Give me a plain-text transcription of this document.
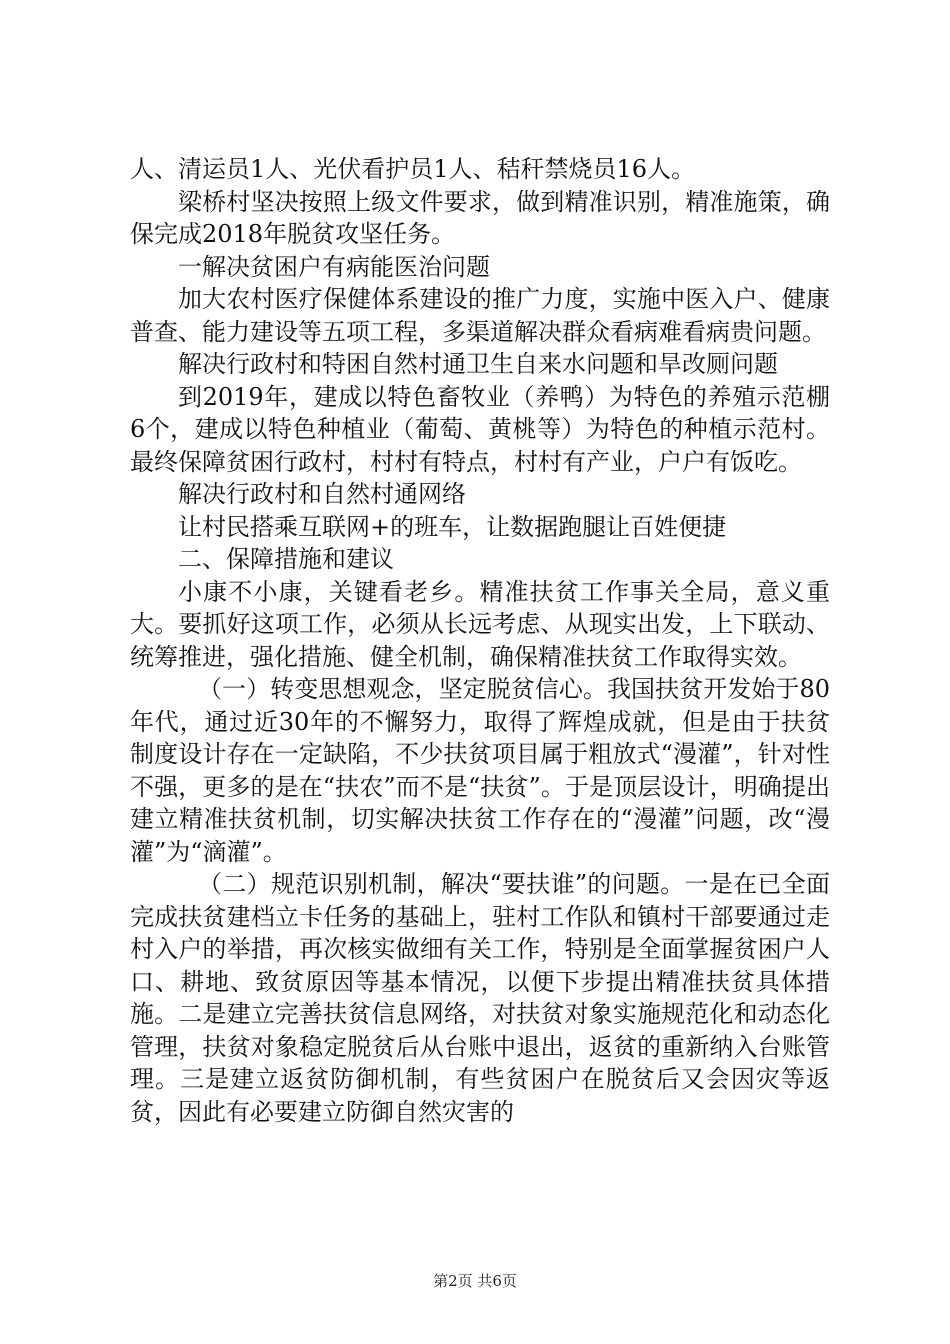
人、清运员1人、光伏看护员1人、秸秆禁烧员16人。

梁桥村坚决按照上级文件要求，做到精准识别，精准施策，确保完成2018年脱贫攻坚任务。

一解决贫困户有病能医治问题

加大农村医疗保健体系建设的推广力度，实施中医入户、健康普查、能力建设等五项工程，多渠道解决群众看病难看病贵问题。

解决行政村和特困自然村通卫生自来水问题和旱改厕问题

到2019年，建成以特色畜牧业（养鸭）为特色的养殖示范棚6个，建成以特色种植业（葡萄、黄桃等）为特色的种植示范村。最终保障贫困行政村，村村有特点，村村有产业，户户有饭吃。

解决行政村和自然村通网络

让村民搭乘互联网+的班车，让数据跑腿让百姓便捷

二、保障措施和建议

小康不小康，关键看老乡。精准扶贫工作事关全局，意义重大。要抓好这项工作，必须从长远考虑、从现实出发，上下联动、统筹推进，强化措施、健全机制，确保精准扶贫工作取得实效。

（一）转变思想观念，坚定脱贫信心。我国扶贫开发始于80年代，通过近30年的不懈努力，取得了辉煌成就，但是由于扶贫制度设计存在一定缺陷，不少扶贫项目属于粗放式“漫灌”，针对性不强，更多的是在“扶农”而不是“扶贫”。于是顶层设计，明确提出建立精准扶贫机制，切实解决扶贫工作存在的“漫灌”问题，改“漫灌”为“滴灌”。

（二）规范识别机制，解决“要扶谁”的问题。一是在已全面完成扶贫建档立卡任务的基础上，驻村工作队和镇村干部要通过走村入户的举措，再次核实做细有关工作，特别是全面掌握贫困户人口、耕地、致贫原因等基本情况，以便下步提出精准扶贫具体措施。二是建立完善扶贫信息网络，对扶贫对象实施规范化和动态化管理，扶贫对象稳定脱贫后从台账中退出，返贫的重新纳入台账管理。三是建立返贫防御机制，有些贫困户在脱贫后又会因灾等返贫，因此有必要建立防御自然灾害的

第2页 共6页
